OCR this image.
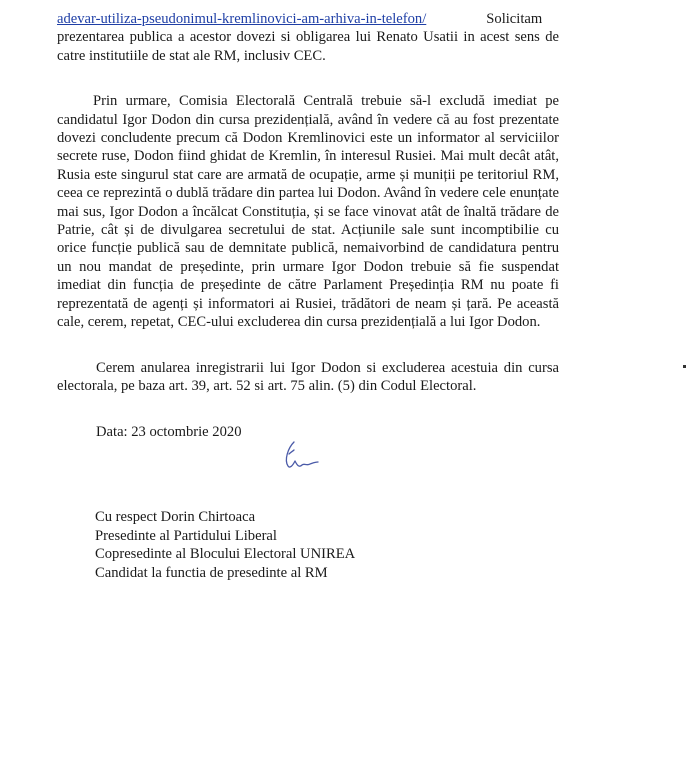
adevar-utiliza-pseudonimul-kremlinovici-am-arhiva-in-telefon/	Solicitam prezentarea publica a acestor dovezi si obligarea lui Renato Usatii in acest sens de catre institutiile de stat ale RM, inclusiv CEC.

Prin urmare, Comisia Electorală Centrală trebuie să-l excludă imediat pe candidatul Igor Dodon din cursa prezidențială, având în vedere că au fost prezentate dovezi concludente precum că Dodon Kremlinovici este un informator al serviciilor secrete ruse, Dodon fiind ghidat de Kremlin, în interesul Rusiei. Mai mult decât atât, Rusia este singurul stat care are armată de ocupație, arme și muniții pe teritoriul RM, ceea ce reprezintă o dublă trădare din partea lui Dodon. Având în vedere cele enunțate mai sus, Igor Dodon a încălcat Constituția, și se face vinovat atât de înaltă trădare de Patrie, cât și de divulgarea secretului de stat. Acțiunile sale sunt incomptibilie cu orice funcție publică sau de demnitate publică, nemaivorbind de candidatura pentru un nou mandat de președinte, prin urmare Igor Dodon trebuie să fie suspendat imediat din funcția de președinte de către Parlament Președinția RM nu poate fi reprezentată de agenți și informatori ai Rusiei, trădători de neam și țară. Pe această cale, cerem, repetat, CEC-ului excluderea din cursa prezidențială a lui Igor Dodon.

Cerem anularea inregistrarii lui Igor Dodon si excluderea acestuia din cursa electorala, pe baza art. 39, art. 52 si art. 75 alin. (5) din Codul Electoral.

Data: 23 octombrie 2020

Cu respect Dorin Chirtoaca
Presedinte al Partidului Liberal
Copresedinte al Blocului Electoral UNIREA
Candidat la functia de presedinte al RM
